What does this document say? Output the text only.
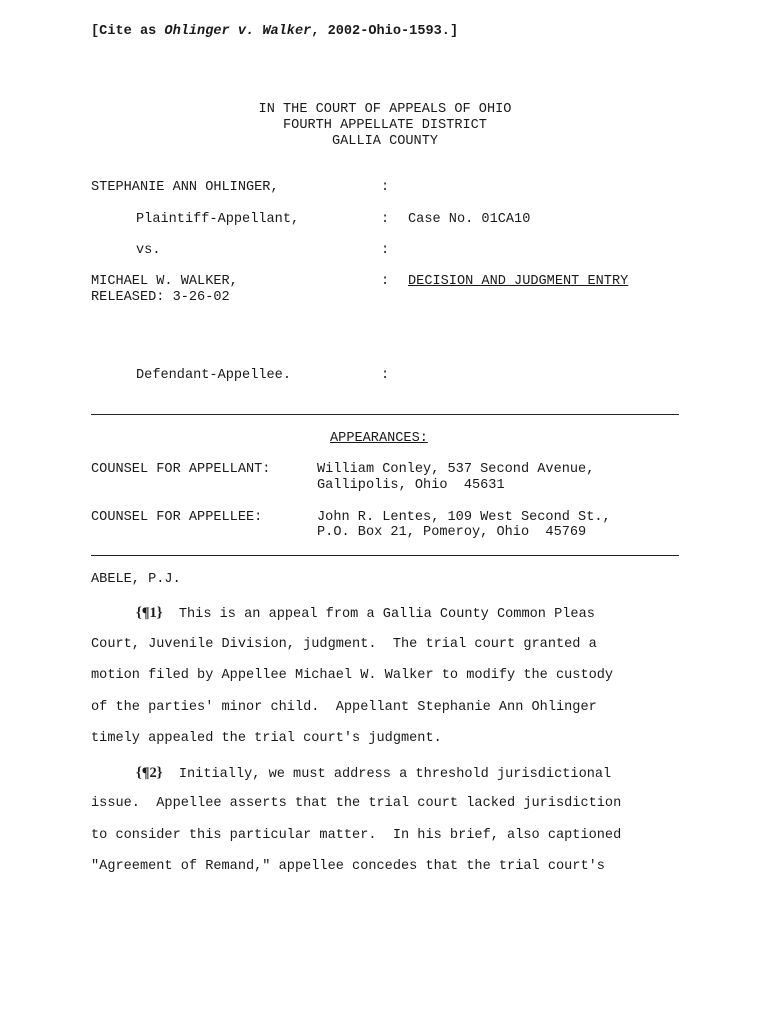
[Cite as Ohlinger v. Walker, 2002-Ohio-1593.]
IN THE COURT OF APPEALS OF OHIO
FOURTH APPELLATE DISTRICT
GALLIA COUNTY
STEPHANIE ANN OHLINGER,	:
Plaintiff-Appellant,	: Case No. 01CA10
vs.	:
MICHAEL W. WALKER,	: DECISION AND JUDGMENT ENTRY
RELEASED: 3-26-02
Defendant-Appellee.	:
APPEARANCES:
COUNSEL FOR APPELLANT:	William Conley, 537 Second Avenue,
Gallipolis, Ohio  45631
COUNSEL FOR APPELLEE:	John R. Lentes, 109 West Second St.,
P.O. Box 21, Pomeroy, Ohio  45769
ABELE, P.J.
{¶1} This is an appeal from a Gallia County Common Pleas
Court, Juvenile Division, judgment.  The trial court granted a
motion filed by Appellee Michael W. Walker to modify the custody
of the parties' minor child.  Appellant Stephanie Ann Ohlinger
timely appealed the trial court's judgment.
{¶2} Initially, we must address a threshold jurisdictional
issue.  Appellee asserts that the trial court lacked jurisdiction
to consider this particular matter.  In his brief, also captioned
"Agreement of Remand," appellee concedes that the trial court's
